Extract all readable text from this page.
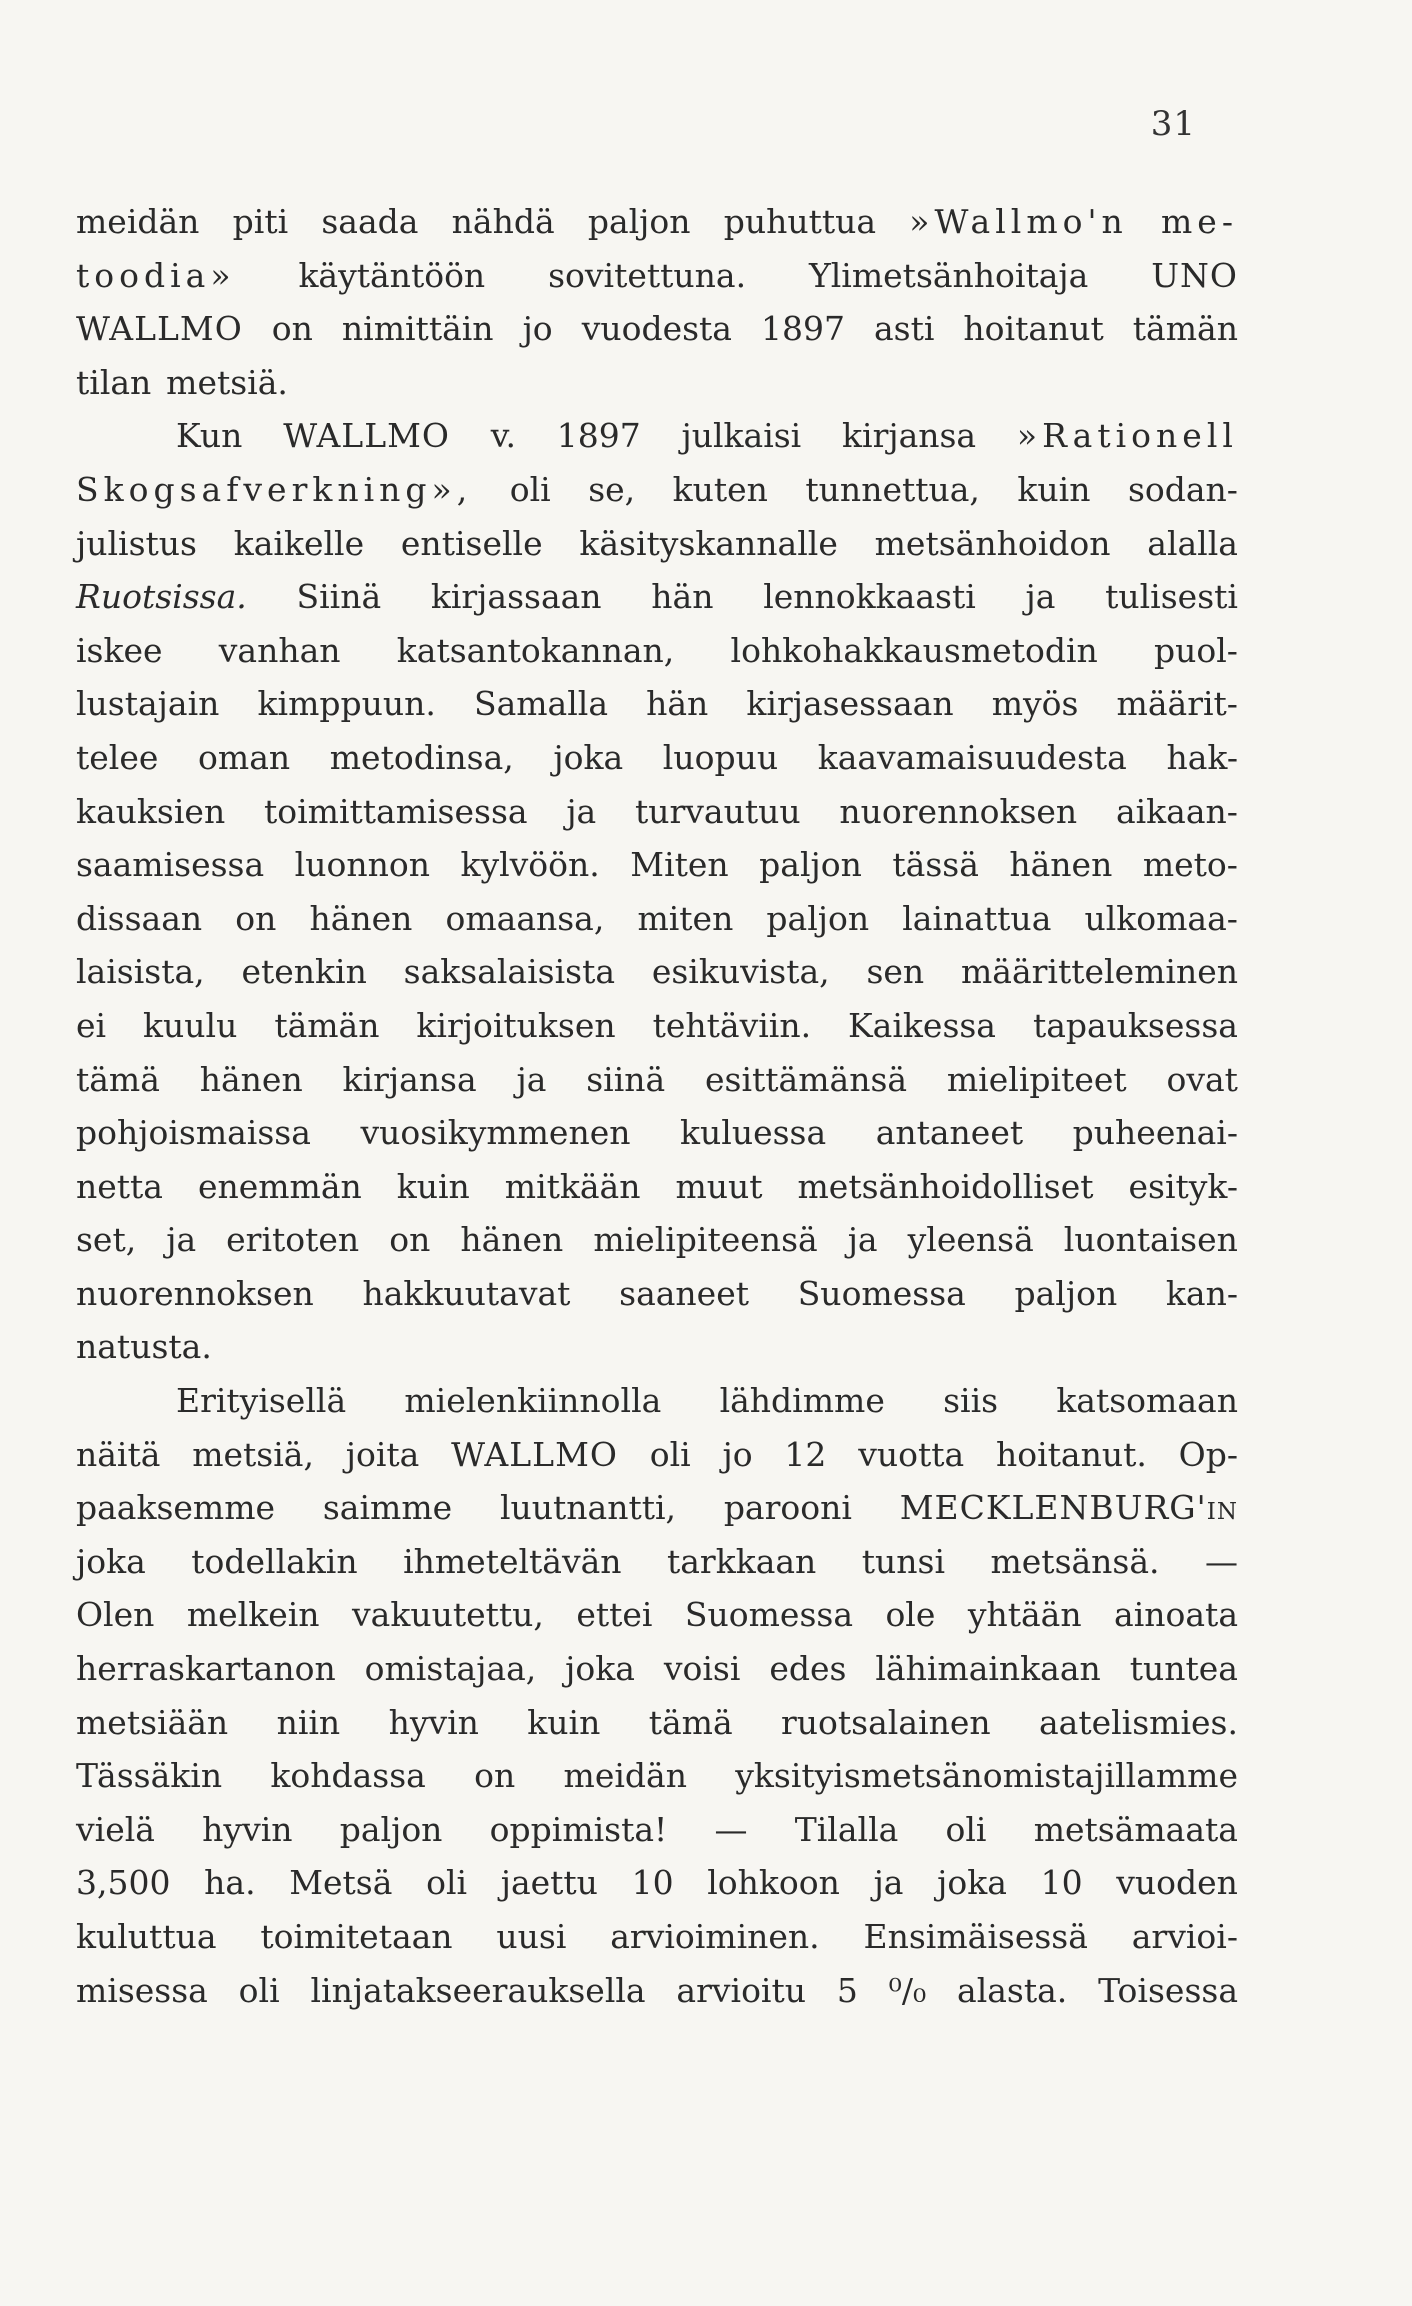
31
meidän piti saada nähdä paljon puhuttua »Wallmo'n me-
toodia» käytäntöön sovitettuna. Ylimetsänhoitaja UNO
WALLMO on nimittäin jo vuodesta 1897 asti hoitanut tämän
tilan metsiä.
Kun WALLMO v. 1897 julkaisi kirjansa »Rationell
Skogsafverkning», oli se, kuten tunnettua, kuin sodan-
julistus kaikelle entiselle käsityskannalle metsänhoidon alalla
Ruotsissa. Siinä kirjassaan hän lennokkaasti ja tulisesti
iskee vanhan katsantokannan, lohkohakkausmetodin puol-
lustajain kimppuun. Samalla hän kirjasessaan myös määrit-
telee oman metodinsa, joka luopuu kaavamaisuudesta hak-
kauksien toimittamisessa ja turvautuu nuorennoksen aikaan-
saamisessa luonnon kylvöön. Miten paljon tässä hänen meto-
dissaan on hänen omaansa, miten paljon lainattua ulkomaa-
laisista, etenkin saksalaisista esikuvista, sen määritteleminen
ei kuulu tämän kirjoituksen tehtäviin. Kaikessa tapauksessa
tämä hänen kirjansa ja siinä esittämänsä mielipiteet ovat
pohjoismaissa vuosikymmenen kuluessa antaneet puheenai-
netta enemmän kuin mitkään muut metsänhoidolliset esityk-
set, ja eritoten on hänen mielipiteensä ja yleensä luontaisen
nuorennoksen hakkuutavat saaneet Suomessa paljon kan-
natusta.
Erityisellä mielenkiinnolla lähdimme siis katsomaan
näitä metsiä, joita WALLMO oli jo 12 vuotta hoitanut. Op-
paaksemme saimme luutnantti, parooni MECKLENBURG'in
joka todellakin ihmeteltävän tarkkaan tunsi metsänsä. —
Olen melkein vakuutettu, ettei Suomessa ole yhtään ainoata
herraskartanon omistajaa, joka voisi edes lähimainkaan tuntea
metsiään niin hyvin kuin tämä ruotsalainen aatelismies.
Tässäkin kohdassa on meidän yksityismetsänomistajillamme
vielä hyvin paljon oppimista! — Tilalla oli metsämaata
3,500 ha. Metsä oli jaettu 10 lohkoon ja joka 10 vuoden
kuluttua toimitetaan uusi arvioiminen. Ensimäisessä arvioi-
misessa oli linjatakseerauksella arvioitu 5 ⁰/₀ alasta. Toisessa
